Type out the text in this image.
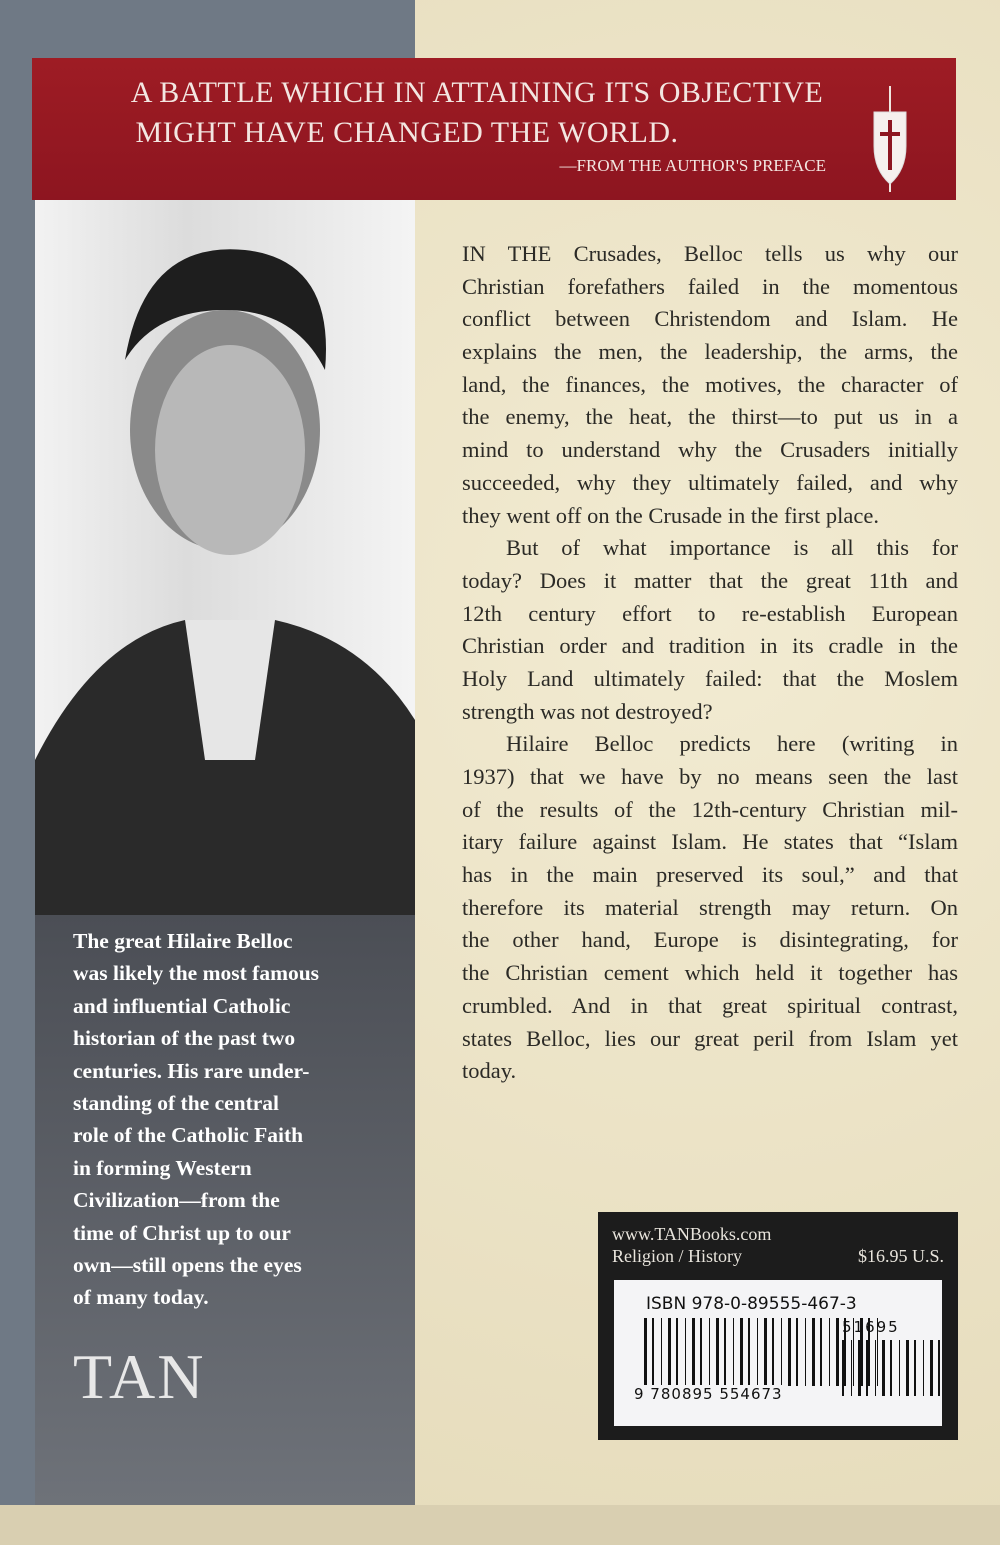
A BATTLE WHICH IN ATTAINING ITS OBJECTIVE
MIGHT HAVE CHANGED THE WORLD.
—FROM THE AUTHOR'S PREFACE
The great Hilaire Belloc
was likely the most famous
and influential Catholic
historian of the past two
centuries. His rare under-
standing of the central
role of the Catholic Faith
in forming Western
Civilization—from the
time of Christ up to our
own—still opens the eyes
of many today.
TAN
IN THE Crusades, Belloc tells us why our
Christian forefathers failed in the momentous
conflict between Christendom and Islam. He
explains the men, the leadership, the arms, the
land, the finances, the motives, the character of
the enemy, the heat, the thirst—to put us in a
mind to understand why the Crusaders initially
succeeded, why they ultimately failed, and why
they went off on the Crusade in the first place.
But of what importance is all this for
today? Does it matter that the great 11th and
12th century effort to re-establish European
Christian order and tradition in its cradle in the
Holy Land ultimately failed: that the Moslem
strength was not destroyed?
Hilaire Belloc predicts here (writing in
1937) that we have by no means seen the last
of the results of the 12th-century Christian mil-
itary failure against Islam. He states that “Islam
has in the main preserved its soul,” and that
therefore its material strength may return. On
the other hand, Europe is disintegrating, for
the Christian cement which held it together has
crumbled. And in that great spiritual contrast,
states Belloc, lies our great peril from Islam yet
today.
www.TANBooks.com
Religion / History	$16.95 U.S.
ISBN 978-0-89555-467-3
9 780895 554673
51695
